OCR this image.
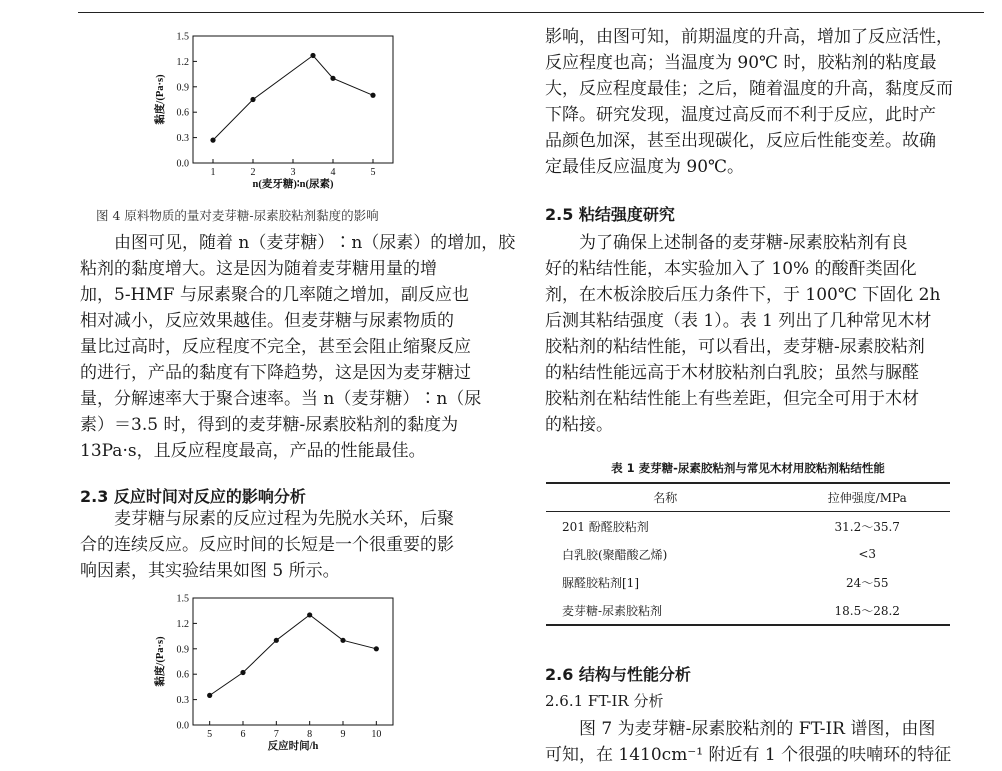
0.0
0.3
0.6
0.9
1.2
1.5
1	2	3	4	5
n(麦牙糖)∶n(尿素)
黏度/(Pa·s)
图 4 原料物质的量对麦芽糖-尿素胶粘剂黏度的影响
由图可见，随着 n（麦芽糖）∶n（尿素）的增加，胶
粘剂的黏度增大。这是因为随着麦芽糖用量的增
加，5-HMF 与尿素聚合的几率随之增加，副反应也
相对减小，反应效果越佳。但麦芽糖与尿素物质的
量比过高时，反应程度不完全，甚至会阻止缩聚反应
的进行，产品的黏度有下降趋势，这是因为麦芽糖过
量，分解速率大于聚合速率。当 n（麦芽糖）∶n（尿
素）＝3.5 时，得到的麦芽糖-尿素胶粘剂的黏度为
13Pa·s，且反应程度最高，产品的性能最佳。
2.3 反应时间对反应的影响分析
麦芽糖与尿素的反应过程为先脱水关环，后聚
合的连续反应。反应时间的长短是一个很重要的影
响因素，其实验结果如图 5 所示。
0.0
0.3
0.6
0.9
1.2
1.5
5	6	7	8	9	10
反应时间/h
黏度/(Pa·s)
影响，由图可知，前期温度的升高，增加了反应活性，
反应程度也高；当温度为 90℃ 时，胶粘剂的粘度最
大，反应程度最佳；之后，随着温度的升高，黏度反而
下降。研究发现，温度过高反而不利于反应，此时产
品颜色加深，甚至出现碳化，反应后性能变差。故确
定最佳反应温度为 90℃。
2.5 粘结强度研究
为了确保上述制备的麦芽糖-尿素胶粘剂有良
好的粘结性能，本实验加入了 10% 的酸酐类固化
剂，在木板涂胶后压力条件下，于 100℃ 下固化 2h
后测其粘结强度（表 1）。表 1 列出了几种常见木材
胶粘剂的粘结性能，可以看出，麦芽糖-尿素胶粘剂
的粘结性能远高于木材胶粘剂白乳胶；虽然与脲醛
胶粘剂在粘结性能上有些差距，但完全可用于木材
的粘接。
表 1 麦芽糖-尿素胶粘剂与常见木材用胶粘剂粘结性能
名称	拉伸强度/MPa
201 酚醛胶粘剂	31.2～35.7
白乳胶(聚醋酸乙烯)	<3
脲醛胶粘剂[1]	24～55
麦芽糖-尿素胶粘剂	18.5～28.2
2.6 结构与性能分析
2.6.1 FT-IR 分析
图 7 为麦芽糖-尿素胶粘剂的 FT-IR 谱图，由图
可知，在 1410cm⁻¹ 附近有 1 个很强的呋喃环的特征
